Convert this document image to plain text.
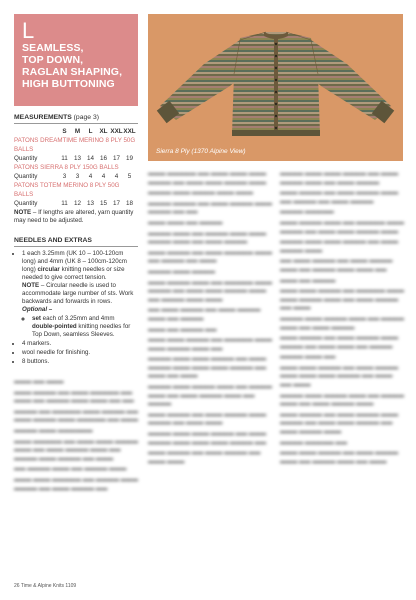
L
SEAMLESS,
TOP DOWN,
RAGLAN SHAPING,
HIGH BUTTONING
Sierra 8 Ply (1370 Alpine View)
MEASUREMENTS (page 3)
S	M	L	XL XXL XXL
PATONS DREAMTIME MERINO 8 PLY 50G BALLS
Quantity	11 13 14 16 17 19
PATONS SIERRA 8 PLY 150G BALLS
Quantity	3	3	4	4	4	5
PATONS TOTEM MERINO 8 PLY 50G BALLS
Quantity	11 12 13 15 17 18
NOTE – If lengths are altered, yarn quantity may need to be adjusted.
NEEDLES AND EXTRAS
• 1 each 3.25mm (UK 10 – 100-120cm long) and 4mm (UK 8 – 100cm-120cm long) circular knitting needles or size needed to give correct tension.
NOTE – Circular needle is used to accommodate large number of sts. Work backwards and forwards in rows.
Optional –
◦ set each of 3.25mm and 4mm double-pointed knitting needles for Top Down, seamless Sleeves.
• 4 markers.
• wool needle for finishing.
• 8 buttons.

▬▬▬ ▬▬ ▬▬▬

▬▬▬ ▬▬▬▬ ▬▬ ▬▬▬ ▬▬▬▬▬ ▬▬ ▬▬▬ ▬▬ ▬▬▬▬ ▬▬▬ ▬▬▬ ▬▬ ▬▬

▬▬▬▬ ▬▬ ▬▬▬▬▬ ▬▬▬ ▬▬▬▬ ▬▬ ▬▬▬ ▬▬▬▬ ▬▬▬ ▬▬▬▬▬ ▬▬ ▬▬▬

▬▬▬▬ ▬▬▬ ▬▬▬▬▬▬

▬▬▬ ▬▬▬▬▬ ▬▬ ▬▬▬ ▬▬▬ ▬▬▬▬ ▬▬▬ ▬▬ ▬▬▬ ▬▬▬▬ ▬▬▬ ▬▬ ▬▬▬▬ ▬▬▬ ▬▬▬▬ ▬▬ ▬▬▬

▬▬ ▬▬▬▬ ▬▬▬ ▬▬ ▬▬▬▬ ▬▬▬

▬▬▬ ▬▬▬ ▬▬▬▬▬ ▬▬ ▬▬▬▬ ▬▬▬ ▬▬▬▬ ▬▬ ▬▬▬ ▬▬▬▬ ▬▬

▬▬▬ ▬▬▬▬▬ ▬▬ ▬▬▬ ▬▬▬ ▬▬▬ ▬▬▬▬ ▬▬ ▬▬▬ ▬▬▬ ▬▬▬▬ ▬▬▬

▬▬▬▬ ▬▬▬ ▬▬▬▬ ▬▬▬ ▬▬▬

▬▬▬▬ ▬▬▬▬ ▬▬ ▬▬▬ ▬▬▬▬ ▬▬▬ ▬▬▬▬ ▬▬ ▬▬

▬▬▬ ▬▬▬ ▬▬ ▬▬▬▬

▬▬▬▬ ▬▬▬ ▬▬ ▬▬▬▬ ▬▬▬ ▬▬▬ ▬▬▬▬ ▬▬▬ ▬▬ ▬▬▬ ▬▬▬▬

▬▬▬ ▬▬▬▬ ▬▬ ▬▬▬ ▬▬▬▬▬ ▬▬▬ ▬▬ ▬▬▬▬ ▬▬ ▬▬▬

▬▬▬▬ ▬▬▬ ▬▬▬▬

▬▬▬ ▬▬▬▬ ▬▬▬ ▬▬ ▬▬▬▬▬ ▬▬▬ ▬▬▬▬ ▬▬ ▬▬▬ ▬▬▬ ▬▬▬▬ ▬▬▬ ▬▬ ▬▬▬▬ ▬▬▬ ▬▬▬

▬▬ ▬▬▬ ▬▬▬▬ ▬▬ ▬▬▬ ▬▬▬▬ ▬▬▬ ▬▬ ▬▬▬▬

▬▬▬ ▬▬ ▬▬▬▬ ▬▬

▬▬▬ ▬▬▬ ▬▬▬▬ ▬▬ ▬▬▬▬▬ ▬▬▬ ▬▬▬ ▬▬▬▬ ▬▬▬ ▬▬

▬▬▬▬ ▬▬▬ ▬▬▬ ▬▬▬▬ ▬▬ ▬▬▬ ▬▬▬▬ ▬▬▬ ▬▬▬ ▬▬▬ ▬▬▬▬ ▬▬ ▬▬▬ ▬▬ ▬▬▬

▬▬▬▬ ▬▬▬ ▬▬▬▬ ▬▬▬ ▬▬ ▬▬▬▬ ▬▬▬ ▬▬ ▬▬▬ ▬▬▬▬ ▬▬▬ ▬▬ ▬▬▬▬

▬▬▬ ▬▬▬▬ ▬▬ ▬▬▬ ▬▬▬▬ ▬▬▬ ▬▬▬▬ ▬▬ ▬▬▬ ▬▬▬

▬▬▬▬ ▬▬▬ ▬▬▬ ▬▬▬▬ ▬▬ ▬▬▬ ▬▬▬▬ ▬▬▬ ▬▬▬ ▬▬▬ ▬▬▬▬ ▬▬

▬▬▬ ▬▬▬▬ ▬▬ ▬▬▬ ▬▬▬▬ ▬▬ ▬▬▬ ▬▬▬

▬▬▬▬ ▬▬▬ ▬▬▬ ▬▬▬▬ ▬▬ ▬▬▬ ▬▬▬▬ ▬▬▬ ▬▬ ▬▬▬ ▬▬▬▬

▬▬▬ ▬▬▬▬ ▬▬ ▬▬▬ ▬▬▬▬ ▬▬▬ ▬▬ ▬▬▬▬ ▬▬ ▬▬▬ ▬▬▬▬

▬▬▬▬ ▬▬▬▬▬

▬▬▬ ▬▬▬▬ ▬▬▬ ▬▬ ▬▬▬▬▬ ▬▬▬ ▬▬▬▬ ▬▬ ▬▬▬ ▬▬▬ ▬▬▬▬ ▬▬▬

▬▬▬▬ ▬▬▬ ▬▬▬ ▬▬▬▬ ▬▬ ▬▬▬ ▬▬▬▬ ▬▬▬

▬▬ ▬▬▬ ▬▬▬▬ ▬▬ ▬▬▬ ▬▬▬▬ ▬▬▬ ▬▬ ▬▬▬▬ ▬▬▬ ▬▬▬ ▬▬

▬▬▬ ▬▬ ▬▬▬▬

▬▬▬ ▬▬▬ ▬▬▬▬ ▬▬ ▬▬▬▬▬ ▬▬▬ ▬▬▬ ▬▬▬▬ ▬▬▬ ▬▬ ▬▬▬ ▬▬▬▬ ▬▬ ▬▬▬

▬▬▬▬ ▬▬▬ ▬▬▬▬ ▬▬▬ ▬▬ ▬▬▬▬ ▬▬▬ ▬▬ ▬▬▬ ▬▬▬▬

▬▬▬ ▬▬▬▬ ▬▬ ▬▬▬ ▬▬▬▬ ▬▬▬ ▬▬▬▬ ▬▬ ▬▬▬ ▬▬▬ ▬▬ ▬▬▬▬

▬▬▬▬ ▬▬▬ ▬▬

▬▬▬ ▬▬▬ ▬▬▬▬ ▬▬ ▬▬▬ ▬▬▬▬ ▬▬▬ ▬▬▬ ▬▬▬ ▬▬▬▬ ▬▬ ▬▬▬ ▬▬ ▬▬▬

▬▬▬▬ ▬▬▬ ▬▬▬▬ ▬▬▬ ▬▬ ▬▬▬▬ ▬▬▬ ▬▬ ▬▬▬ ▬▬▬▬ ▬▬▬

▬▬▬ ▬▬▬▬ ▬▬ ▬▬▬ ▬▬▬▬ ▬▬▬ ▬▬▬▬ ▬▬ ▬▬▬ ▬▬▬ ▬▬▬▬ ▬▬ ▬▬▬ ▬▬▬▬ ▬▬▬

▬▬▬▬ ▬▬▬▬▬ ▬▬

▬▬▬ ▬▬▬ ▬▬▬▬ ▬▬ ▬▬▬ ▬▬▬▬ ▬▬▬ ▬▬ ▬▬▬▬ ▬▬▬ ▬▬ ▬▬▬

26 Time & Alpine Knits 1109
